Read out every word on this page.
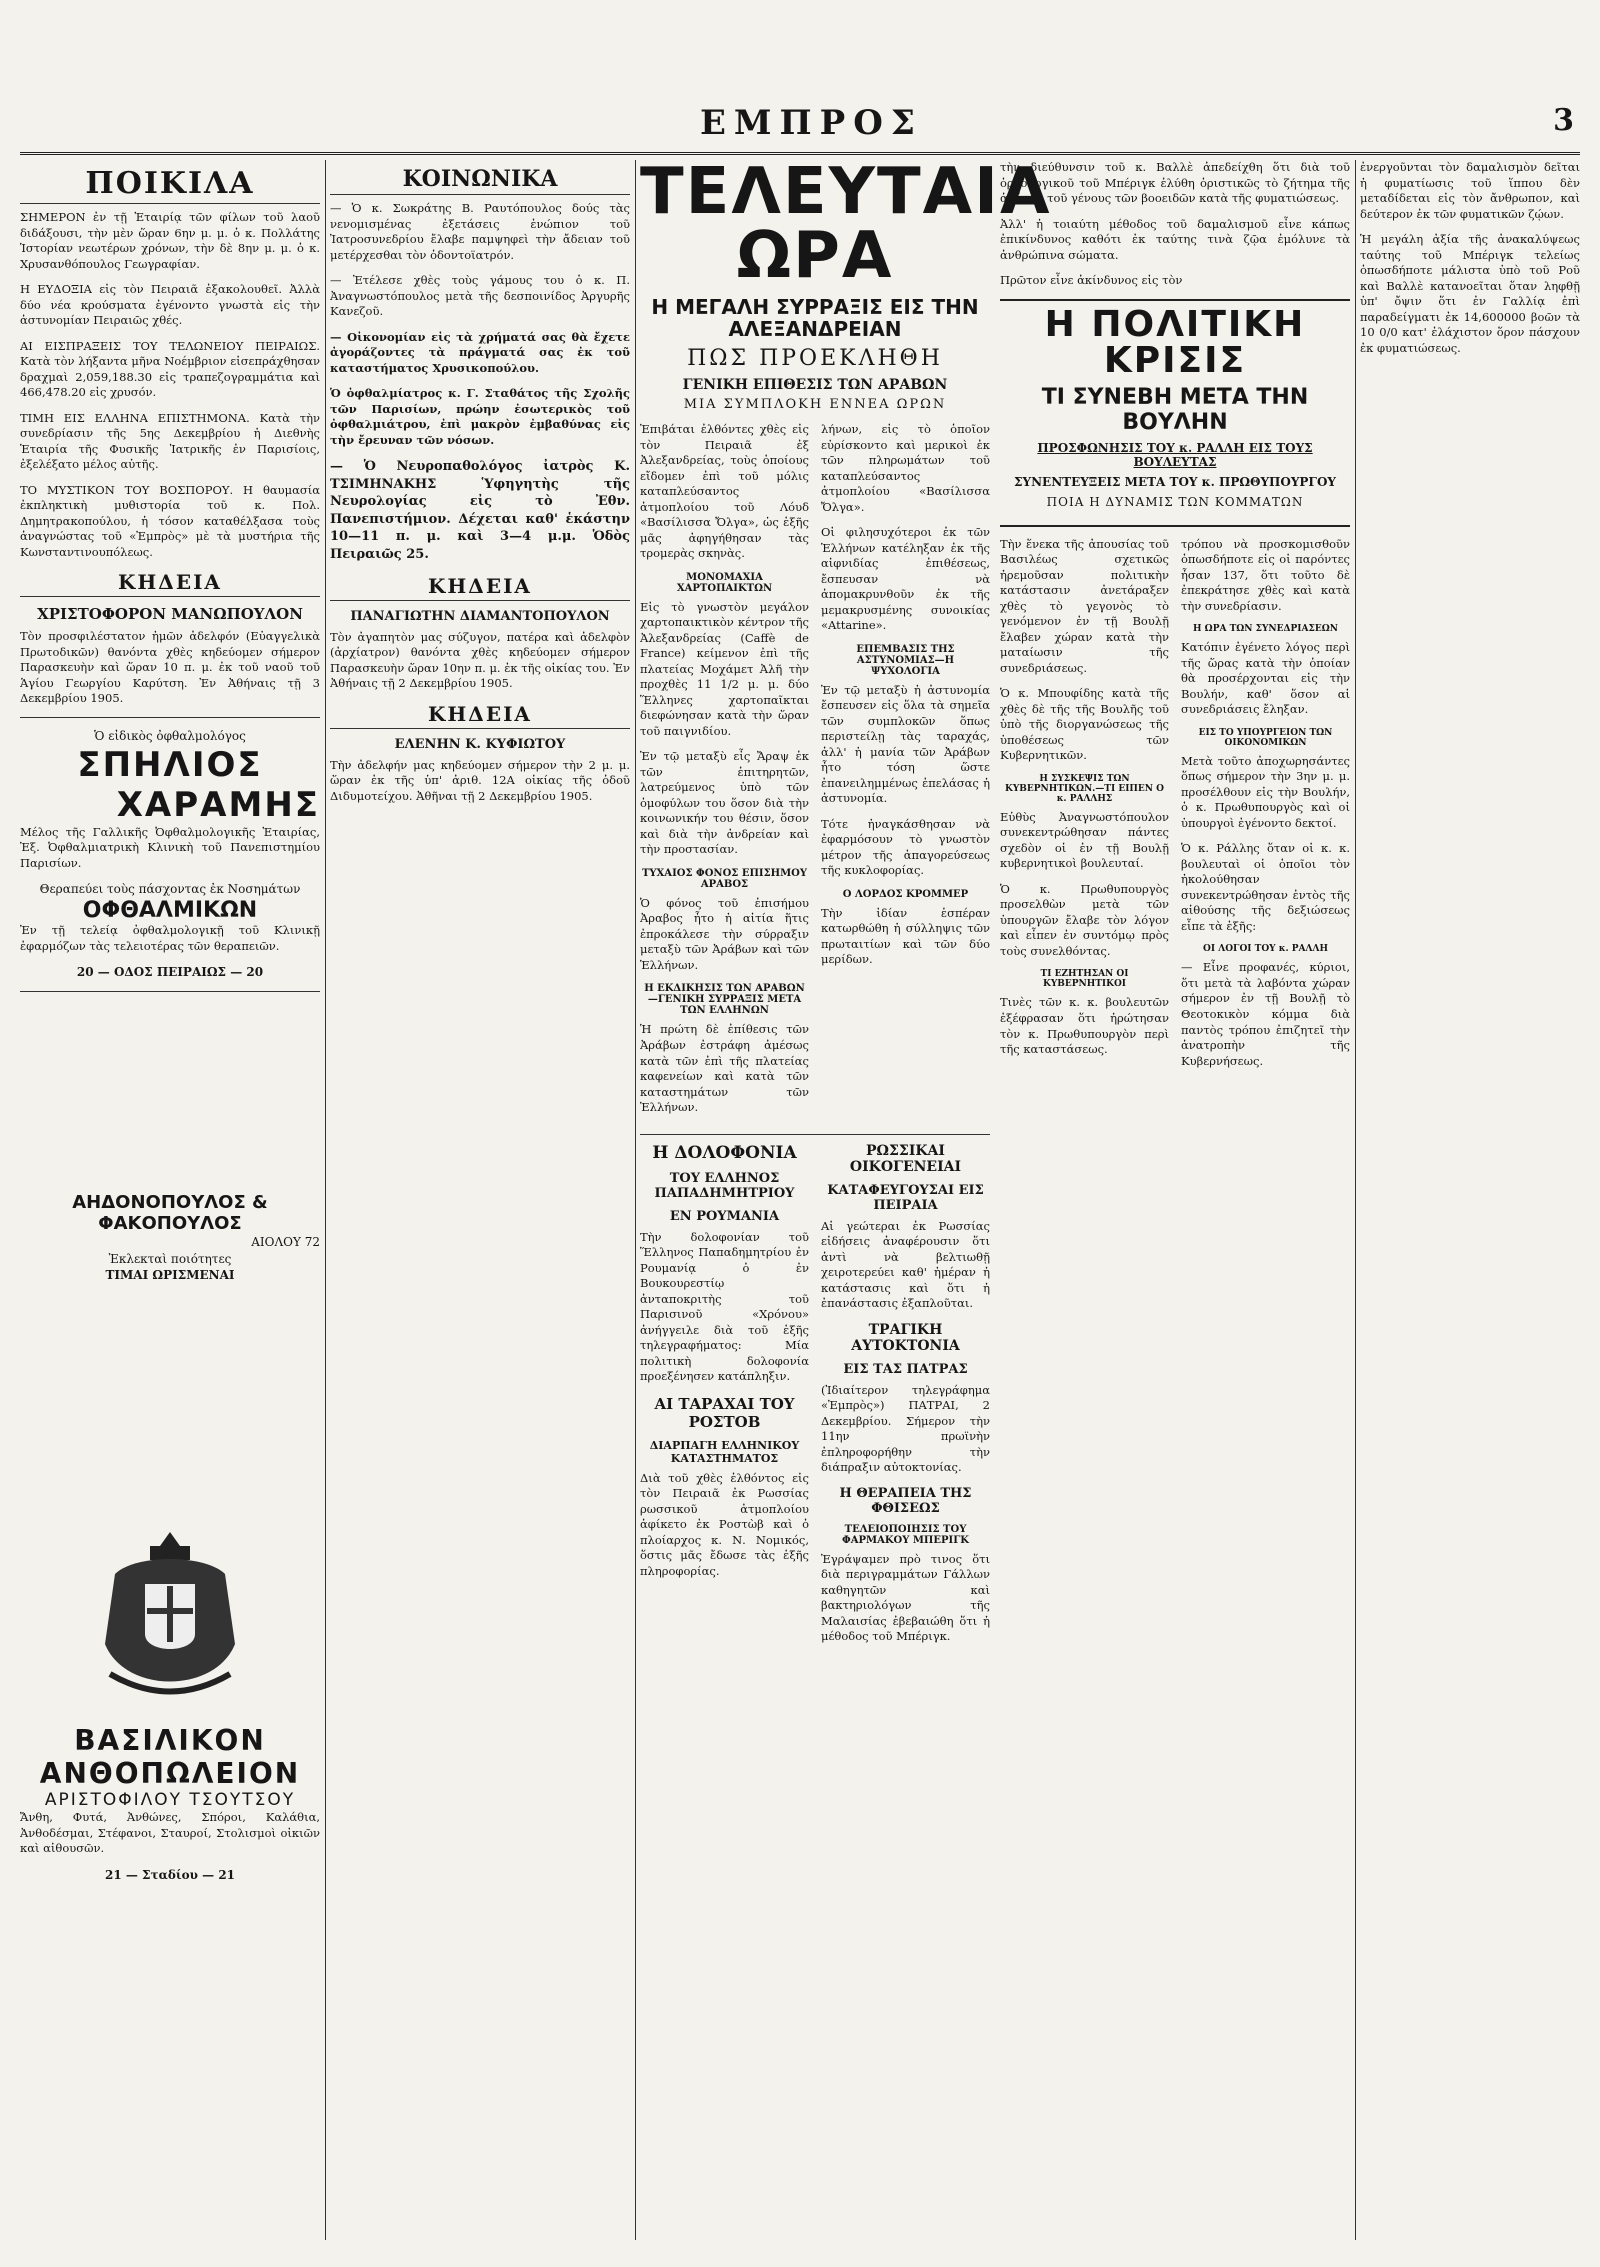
ΕΜΠΡΟΣ	3
ΠΟΙΚΙΛΑ

ΣΗΜΕΡΟΝ ἐν τῇ Ἑταιρίᾳ τῶν φίλων τοῦ λαοῦ διδάξουσι, τὴν μὲν ὥραν 6ην μ. μ. ὁ κ. Πολλάτης Ἱστορίαν νεωτέρων χρόνων, τὴν δὲ 8ην μ. μ. ὁ κ. Χρυσανθόπουλος Γεωγραφίαν.

Η ΕΥΔΟΞΙΑ εἰς τὸν Πειραιᾶ ἐξακολουθεῖ. Ἀλλὰ δύο νέα κρούσματα ἐγένοντο γνωστὰ εἰς τὴν ἀστυνομίαν Πειραιῶς χθές.

ΑΙ ΕΙΣΠΡΑΞΕΙΣ ΤΟΥ ΤΕΛΩΝΕΙΟΥ ΠΕΙΡΑΙΩΣ. Κατὰ τὸν λήξαντα μῆνα Νοέμβριον εἰσεπράχθησαν δραχμαὶ 2,059,188.30 εἰς τραπεζογραμμάτια καὶ 466,478.20 εἰς χρυσόν.

ΤΙΜΗ ΕΙΣ ΕΛΛΗΝΑ ΕΠΙΣΤΗΜΟΝΑ. Κατὰ τὴν συνεδρίασιν τῆς 5ης Δεκεμβρίου ἡ Διεθνὴς Ἑταιρία τῆς Φυσικῆς Ἰατρικῆς ἐν Παρισίοις, ἐξελέξατο μέλος αὐτῆς.

ΤΟ ΜΥΣΤΙΚΟΝ ΤΟΥ ΒΟΣΠΟΡΟΥ. Η θαυμασία ἐκπληκτικὴ μυθιστορία τοῦ κ. Πολ. Δημητρακοπούλου, ἡ τόσον καταθέλξασα τοὺς ἀναγνώστας τοῦ «Ἐμπρὸς» μὲ τὰ μυστήρια τῆς Κωνσταντινουπόλεως.

ΚΗΔΕΙΑ
ΧΡΙΣΤΟΦΟΡΟΝ ΜΑΝΩΠΟΥΛΟΝ

Τὸν προσφιλέστατον ἡμῶν ἀδελφόν (Εὐαγγελικὰ Πρωτοδικῶν) θανόντα χθὲς κηδεύομεν σήμερον Παρασκευὴν καὶ ὥραν 10 π. μ. ἐκ τοῦ ναοῦ τοῦ Ἁγίου Γεωργίου Καρύτση. Ἐν Ἀθήναις τῇ 3 Δεκεμβρίου 1905.

Ὁ εἰδικὸς ὀφθαλμολόγος
ΣΠΗΛΙΟΣ
ΧΑΡΑΜΗΣ

Μέλος τῆς Γαλλικῆς Ὀφθαλμολογικῆς Ἑταιρίας, Ἐξ. Ὀφθαλμιατρικὴ Κλινικὴ τοῦ Πανεπιστημίου Παρισίων.

Θεραπεύει τοὺς πάσχοντας ἐκ Νοσημάτων
ΟΦΘΑΛΜΙΚΩΝ

Ἐν τῇ τελείᾳ ὀφθαλμολογικῇ τοῦ Κλινικῇ ἐφαρμόζων τὰς τελειοτέρας τῶν θεραπειῶν.

20 — ΟΔΟΣ ΠΕΙΡΑΙΩΣ — 20
ΑΗΔΟΝΟΠΟΥΛΟΣ & ΦΑΚΟΠΟΥΛΟΣ
ΑΙΟΛΟΥ 72
Ἐκλεκταὶ ποιότητες
ΤΙΜΑΙ ΩΡΙΣΜΕΝΑΙ
ΒΑΣΙΛΙΚΟΝ ΑΝΘΟΠΩΛΕΙΟΝ
ΑΡΙΣΤΟΦΙΛΟΥ ΤΣΟΥΤΣΟΥ

Ἄνθη, Φυτά, Ἀνθώνες, Σπόροι, Καλάθια, Ἀνθοδέσμαι, Στέφανοι, Σταυροί, Στολισμοὶ οἰκιῶν καὶ αἰθουσῶν.

21 — Σταδίου — 21
ΚΟΙΝΩΝΙΚΑ

— Ὁ κ. Σωκράτης Β. Ραυτόπουλος δούς τὰς νενομισμένας ἐξετάσεις ἐνώπιον τοῦ Ἰατροσυνεδρίου ἔλαβε παμψηφεὶ τὴν ἄδειαν τοῦ μετέρχεσθαι τὸν ὀδοντοϊατρόν.

— Ἐτέλεσε χθὲς τοὺς γάμους του ὁ κ. Π. Ἀναγνωστόπουλος μετὰ τῆς δεσποινίδος Ἀργυρῆς Κανεζοῦ.

— Οἰκονομίαν εἰς τὰ χρήματά σας θὰ ἔχετε ἀγοράζοντες τὰ πράγματά σας ἐκ τοῦ καταστήματος Χρυσικοπούλου.

Ὁ ὀφθαλμίατρος κ. Γ. Σταθάτος τῆς Σχολῆς τῶν Παρισίων, πρώην ἐσωτερικὸς τοῦ ὀφθαλμιάτρου, ἐπὶ μακρὸν ἐμβαθύνας εἰς τὴν ἔρευναν τῶν νόσων.

— Ὁ Νευροπαθολόγος ἰατρὸς Κ. ΤΣΙΜΗΝΑΚΗΣ Ὑφηγητὴς τῆς Νευρολογίας εἰς τὸ Ἐθν. Πανεπιστήμιον. Δέχεται καθ' ἑκάστην 10—11 π. μ. καὶ 3—4 μ.μ. Ὁδὸς Πειραιῶς 25.

ΚΗΔΕΙΑ
ΠΑΝΑΓΙΩΤΗΝ ΔΙΑΜΑΝΤΟΠΟΥΛΟΝ

Τὸν ἀγαπητὸν μας σύζυγον, πατέρα καὶ ἀδελφὸν (ἀρχίατρον) θανόντα χθὲς κηδεύομεν σήμερον Παρασκευὴν ὥραν 10ην π. μ. ἐκ τῆς οἰκίας του. Ἐν Ἀθήναις τῇ 2 Δεκεμβρίου 1905.

ΚΗΔΕΙΑ
ΕΛΕΝΗΝ Κ. ΚΥΦΙΩΤΟΥ

Τὴν ἀδελφήν μας κηδεύομεν σήμερον τὴν 2 μ. μ. ὥραν ἐκ τῆς ὑπ' ἀριθ. 12Α οἰκίας τῆς ὁδοῦ Διδυμοτείχου. Ἀθῆναι τῇ 2 Δεκεμβρίου 1905.

ΤΕΛΕΥΤΑΙΑ ΩΡΑ
Η ΜΕΓΑΛΗ ΣΥΡΡΑΞΙΣ ΕΙΣ ΤΗΝ ΑΛΕΞΑΝΔΡΕΙΑΝ
ΠΩΣ ΠΡΟΕΚΛΗΘΗ
ΓΕΝΙΚΗ ΕΠΙΘΕΣΙΣ ΤΩΝ ΑΡΑΒΩΝ
ΜΙΑ ΣΥΜΠΛΟΚΗ ΕΝΝΕΑ ΩΡΩΝ

Ἐπιβάται ἐλθόντες χθὲς εἰς τὸν Πειραιᾶ ἐξ Ἀλεξανδρείας, τοὺς ὁποίους εἴδομεν ἐπὶ τοῦ μόλις καταπλεύσαντος ἀτμοπλοίου τοῦ Λόυδ «Βασίλισσα Ὄλγα», ὡς ἑξῆς μᾶς ἀφηγήθησαν τὰς τρομερὰς σκηνὰς.

ΜΟΝΟΜΑΧΙΑ ΧΑΡΤΟΠΑΙΚΤΩΝ

Εἰς τὸ γνωστὸν μεγάλον χαρτοπαικτικὸν κέντρον τῆς Ἀλεξανδρείας (Caffè de France) κείμενον ἐπὶ τῆς πλατείας Μοχάμετ Ἀλῆ τὴν προχθὲς 11 1/2 μ. μ. δύο Ἕλληνες χαρτοπαῖκται διεφώνησαν κατὰ τὴν ὥραν τοῦ παιγνιδίου.

Ἐν τῷ μεταξὺ εἷς Ἄραψ ἐκ τῶν ἐπιτηρητῶν, λατρεύμενος ὑπὸ τῶν ὁμοφύλων του ὅσον διὰ τὴν κοινωνικήν του θέσιν, ὅσον καὶ διὰ τὴν ἀνδρείαν καὶ τὴν προστασίαν.

ΤΥΧΑΙΟΣ ΦΟΝΟΣ ΕΠΙΣΗΜΟΥ ΑΡΑΒΟΣ

Ὁ φόνος τοῦ ἐπισήμου Ἀραβος ἦτο ἡ αἰτία ἥτις ἐπροκάλεσε τὴν σύρραξιν μεταξὺ τῶν Ἀράβων καὶ τῶν Ἑλλήνων.

Η ΕΚΔΙΚΗΣΙΣ ΤΩΝ ΑΡΑΒΩΝ—ΓΕΝΙΚΗ ΣΥΡΡΑΞΙΣ ΜΕΤΑ ΤΩΝ ΕΛΛΗΝΩΝ

Ἡ πρώτη δὲ ἐπίθεσις τῶν Ἀράβων ἐστράφη ἀμέσως κατὰ τῶν ἐπὶ τῆς πλατείας καφενείων καὶ κατὰ τῶν καταστημάτων τῶν Ἑλλήνων.

λήνων, εἰς τὸ ὁποῖον εὑρίσκοντο καὶ μερικοὶ ἐκ τῶν πληρωμάτων τοῦ καταπλεύσαντος ἀτμοπλοίου «Βασίλισσα Ὄλγα».

Οἱ φιλησυχότεροι ἐκ τῶν Ἑλλήνων κατέληξαν ἐκ τῆς αἰφνιδίας ἐπιθέσεως, ἔσπευσαν νὰ ἀπομακρυνθοῦν ἐκ τῆς μεμακρυσμένης συνοικίας «Attarine».

ΕΠΕΜΒΑΣΙΣ ΤΗΣ ΑΣΤΥΝΟΜΙΑΣ—Η ΨΥΧΟΛΟΓΙΑ

Ἐν τῷ μεταξὺ ἡ ἀστυνομία ἔσπευσεν εἰς ὅλα τὰ σημεῖα τῶν συμπλοκῶν ὅπως περιστείλῃ τὰς ταραχάς, ἀλλ' ἡ μανία τῶν Ἀράβων ἦτο τόση ὥστε ἐπανειλημμένως ἐπελάσας ἡ ἀστυνομία.

Τότε ἠναγκάσθησαν νὰ ἐφαρμόσουν τὸ γνωστὸν μέτρον τῆς ἀπαγορεύσεως τῆς κυκλοφορίας.

Ο ΛΟΡΔΟΣ ΚΡΟΜΜΕΡ

Τὴν ἰδίαν ἑσπέραν κατωρθώθη ἡ σύλληψις τῶν πρωταιτίων καὶ τῶν δύο μερίδων.

Η ΔΟΛΟΦΟΝΙΑ
ΤΟΥ ΕΛΛΗΝΟΣ ΠΑΠΑΔΗΜΗΤΡΙΟΥ
ΕΝ ΡΟΥΜΑΝΙΑ

Τὴν δολοφονίαν τοῦ Ἕλληνος Παπαδημητρίου ἐν Ρουμανίᾳ ὁ ἐν Βουκουρεστίῳ ἀνταποκριτὴς τοῦ Παρισινοῦ «Χρόνου» ἀνήγγειλε διὰ τοῦ ἑξῆς τηλεγραφήματος: Μία πολιτικὴ δολοφονία προεξένησεν κατάπληξιν.

ΑΙ ΤΑΡΑΧΑΙ ΤΟΥ ΡΟΣΤΟΒ
ΔΙΑΡΠΑΓΗ ΕΛΛΗΝΙΚΟΥ ΚΑΤΑΣΤΗΜΑΤΟΣ

Διὰ τοῦ χθὲς ἐλθόντος εἰς τὸν Πειραιᾶ ἐκ Ρωσσίας ρωσσικοῦ ἀτμοπλοίου ἀφίκετο ἐκ Ροστὼβ καὶ ὁ πλοίαρχος κ. Ν. Νομικός, ὅστις μᾶς ἔδωσε τὰς ἑξῆς πληροφορίας.

ΡΩΣΣΙΚΑΙ ΟΙΚΟΓΕΝΕΙΑΙ
ΚΑΤΑΦΕΥΓΟΥΣΑΙ ΕΙΣ ΠΕΙΡΑΙΑ

Αἱ γεώτεραι ἐκ Ρωσσίας εἰδήσεις ἀναφέρουσιν ὅτι ἀντὶ νὰ βελτιωθῇ χειροτερεύει καθ' ἡμέραν ἡ κατάστασις καὶ ὅτι ἡ ἐπανάστασις ἐξαπλοῦται.

ΤΡΑΓΙΚΗ ΑΥΤΟΚΤΟΝΙΑ
ΕΙΣ ΤΑΣ ΠΑΤΡΑΣ

(Ἰδιαίτερον τηλεγράφημα «Ἐμπρὸς») ΠΑΤΡΑΙ, 2 Δεκεμβρίου. Σήμερον τὴν 11ην πρωϊνὴν ἐπληροφορήθην τὴν διάπραξιν αὐτοκτονίας.

Η ΘΕΡΑΠΕΙΑ ΤΗΣ ΦΘΙΣΕΩΣ
ΤΕΛΕΙΟΠΟΙΗΣΙΣ ΤΟΥ ΦΑΡΜΑΚΟΥ ΜΠΕΡΙΓΚ

Ἐγράψαμεν πρὸ τινος ὅτι διὰ περιγραμμάτων Γάλλων καθηγητῶν καὶ βακτηριολόγων τῆς Μαλαισίας ἐβεβαιώθη ὅτι ἡ μέθοδος τοῦ Μπέριγκ.

τὴν διεύθυνσιν τοῦ κ. Βαλλὲ ἀπεδείχθη ὅτι διὰ τοῦ ὀρρολογικοῦ τοῦ Μπέριγκ ἐλύθη ὁριστικῶς τὸ ζήτημα τῆς ἀνόσου τοῦ γένους τῶν βοοειδῶν κατὰ τῆς φυματιώσεως.

Ἀλλ' ἡ τοιαύτη μέθοδος τοῦ δαμαλισμοῦ εἶνε κάπως ἐπικίνδυνος καθότι ἐκ ταύτης τινὰ ζῷα ἐμόλυνε τὰ ἀνθρώπινα σώματα.

Πρῶτον εἶνε ἀκίνδυνος εἰς τὸν

Η ΠΟΛΙΤΙΚΗ ΚΡΙΣΙΣ
ΤΙ ΣΥΝΕΒΗ ΜΕΤΑ ΤΗΝ ΒΟΥΛΗΝ
ΠΡΟΣΦΩΝΗΣΙΣ ΤΟΥ κ. ΡΑΛΛΗ ΕΙΣ ΤΟΥΣ ΒΟΥΛΕΥΤΑΣ
ΣΥΝΕΝΤΕΥΞΕΙΣ ΜΕΤΑ ΤΟΥ κ. ΠΡΩΘΥΠΟΥΡΓΟΥ
ΠΟΙΑ Η ΔΥΝΑΜΙΣ ΤΩΝ ΚΟΜΜΑΤΩΝ

Τὴν ἕνεκα τῆς ἀπουσίας τοῦ Βασιλέως σχετικῶς ἠρεμοῦσαν πολιτικὴν κατάστασιν ἀνετάραξεν χθὲς τὸ γεγονὸς τὸ γενόμενον ἐν τῇ Βουλῇ ἔλαβεν χώραν κατὰ τὴν ματαίωσιν τῆς συνεδριάσεως.

Ὁ κ. Μπουφίδης κατὰ τῆς χθὲς δὲ τῆς τῆς Βουλῆς τοῦ ὑπὸ τῆς διοργανώσεως τῆς ὑποθέσεως τῶν Κυβερνητικῶν.

Η ΣΥΣΚΕΨΙΣ ΤΩΝ ΚΥΒΕΡΝΗΤΙΚΩΝ.—ΤΙ ΕΙΠΕΝ Ο κ. ΡΑΛΛΗΣ

Εὐθὺς Ἀναγνωστόπουλον συνεκεντρώθησαν πάντες σχεδὸν οἱ ἐν τῇ Βουλῇ κυβερνητικοὶ βουλευταί.

Ὁ κ. Πρωθυπουργὸς προσελθὼν μετὰ τῶν ὑπουργῶν ἔλαβε τὸν λόγον καὶ εἶπεν ἐν συντόμῳ πρὸς τοὺς συνελθόντας.

ΤΙ ΕΖΗΤΗΣΑΝ ΟΙ ΚΥΒΕΡΝΗΤΙΚΟΙ

Τινὲς τῶν κ. κ. βουλευτῶν ἐξέφρασαν ὅτι ἠρώτησαν τὸν κ. Πρωθυπουργὸν περὶ τῆς καταστάσεως.

τρόπου νὰ προσκομισθοῦν ὁπωσδήποτε εἰς οἱ παρόντες ἦσαν 137, ὅτι τοῦτο δὲ ἐπεκράτησε χθὲς καὶ κατὰ τὴν συνεδρίασιν.

Η ΩΡΑ ΤΩΝ ΣΥΝΕΔΡΙΑΣΕΩΝ

Κατόπιν ἐγένετο λόγος περὶ τῆς ὥρας κατὰ τὴν ὁποίαν θὰ προσέρχονται εἰς τὴν Βουλήν, καθ' ὅσον αἱ συνεδριάσεις ἔληξαν.

ΕΙΣ ΤΟ ΥΠΟΥΡΓΕΙΟΝ ΤΩΝ ΟΙΚΟΝΟΜΙΚΩΝ

Μετὰ τοῦτο ἀποχωρησάντες ὅπως σήμερον τὴν 3ην μ. μ. προσέλθουν εἰς τὴν Βουλήν, ὁ κ. Πρωθυπουργὸς καὶ οἱ ὑπουργοὶ ἐγένοντο δεκτοί.

Ὁ κ. Ράλλης ὅταν οἱ κ. κ. βουλευταὶ οἱ ὁποῖοι τὸν ἠκολούθησαν συνεκεντρώθησαν ἐντὸς τῆς αἰθούσης τῆς δεξιώσεως εἶπε τὰ ἑξῆς:

ΟΙ ΛΟΓΟΙ ΤΟΥ κ. ΡΑΛΛΗ

— Εἶνε προφανές, κύριοι, ὅτι μετὰ τὰ λαβόντα χώραν σήμερον ἐν τῇ Βουλῇ τὸ Θεοτοκικὸν κόμμα διὰ παντὸς τρόπου ἐπιζητεῖ τὴν ἀνατροπὴν τῆς Κυβερνήσεως.

ἐνεργοῦνται τὸν δαμαλισμὸν δεῖται ἡ φυματίωσις τοῦ ἵππου δὲν μεταδίδεται εἰς τὸν ἄνθρωπον, καὶ δεύτερον ἐκ τῶν φυματικῶν ζῴων.

Ἡ μεγάλη ἀξία τῆς ἀνακαλύψεως ταύτης τοῦ Μπέριγκ τελείως ὁπωσδήποτε μάλιστα ὑπὸ τοῦ Ροῦ καὶ Βαλλὲ κατανοεῖται ὅταν ληφθῇ ὑπ' ὄψιν ὅτι ἐν Γαλλίᾳ ἐπὶ παραδείγματι ἐκ 14,600000 βοῶν τὰ 10 0/0 κατ' ἐλάχιστον ὅρον πάσχουν ἐκ φυματιώσεως.
